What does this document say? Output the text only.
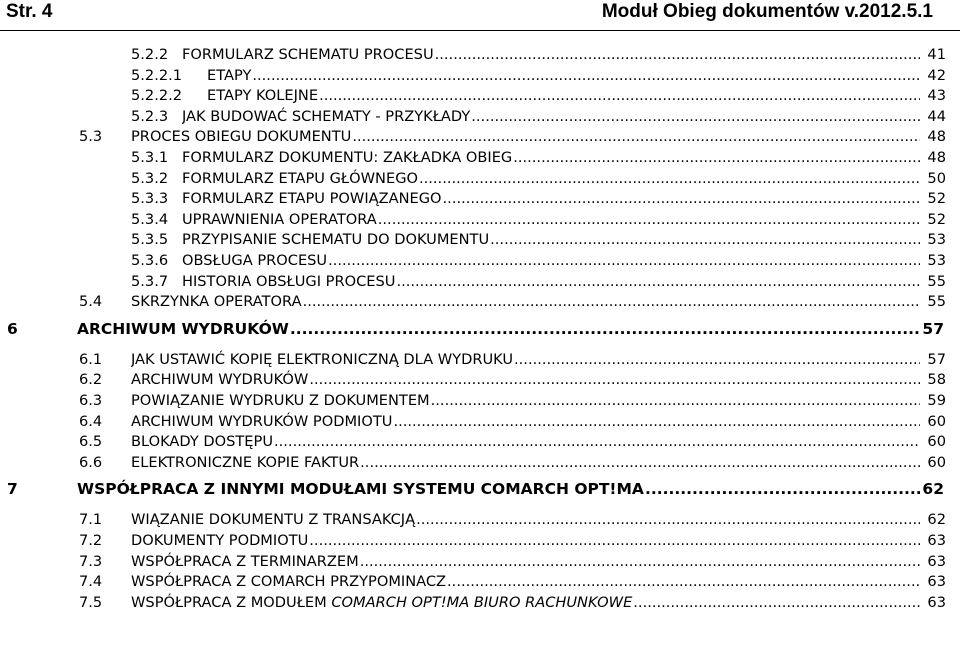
Str. 4	Moduł Obieg dokumentów v.2012.5.1
5.2.2 FORMULARZ SCHEMATU PROCESU .....	41
5.2.2.1 ETAPY .....	42
5.2.2.2 ETAPY KOLEJNE .....	43
5.2.3 JAK BUDOWAĆ SCHEMATY - PRZYKŁADY .....	44
5.3 PROCES OBIEGU DOKUMENTU .....	48
5.3.1 FORMULARZ DOKUMENTU: ZAKŁADKA OBIEG .....	48
5.3.2 FORMULARZ ETAPU GŁÓWNEGO .....	50
5.3.3 FORMULARZ ETAPU POWIĄZANEGO .....	52
5.3.4 UPRAWNIENIA OPERATORA .....	52
5.3.5 PRZYPISANIE SCHEMATU DO DOKUMENTU .....	53
5.3.6 OBSŁUGA PROCESU .....	53
5.3.7 HISTORIA OBSŁUGI PROCESU .....	55
5.4 SKRZYNKA OPERATORA .....	55
6	ARCHIWUM WYDRUKÓW .....	57
6.1 JAK USTAWIĆ KOPIĘ ELEKTRONICZNĄ DLA WYDRUKU .....	57
6.2 ARCHIWUM WYDRUKÓW .....	58
6.3 POWIĄZANIE WYDRUKU Z DOKUMENTEM .....	59
6.4 ARCHIWUM WYDRUKÓW PODMIOTU .....	60
6.5 BLOKADY DOSTĘPU .....	60
6.6 ELEKTRONICZNE KOPIE FAKTUR .....	60
7	WSPÓŁPRACA Z INNYMI MODUŁAMI SYSTEMU COMARCH OPT!MA .....	62
7.1 WIĄZANIE DOKUMENTU Z TRANSAKCJĄ .....	62
7.2 DOKUMENTY PODMIOTU .....	63
7.3 WSPÓŁPRACA Z TERMINARZEM .....	63
7.4 WSPÓŁPRACA Z COMARCH PRZYPOMINACZ .....	63
7.5 WSPÓŁPRACA Z MODUŁEM COMARCH OPT!MA BIURO RACHUNKOWE .....	63
